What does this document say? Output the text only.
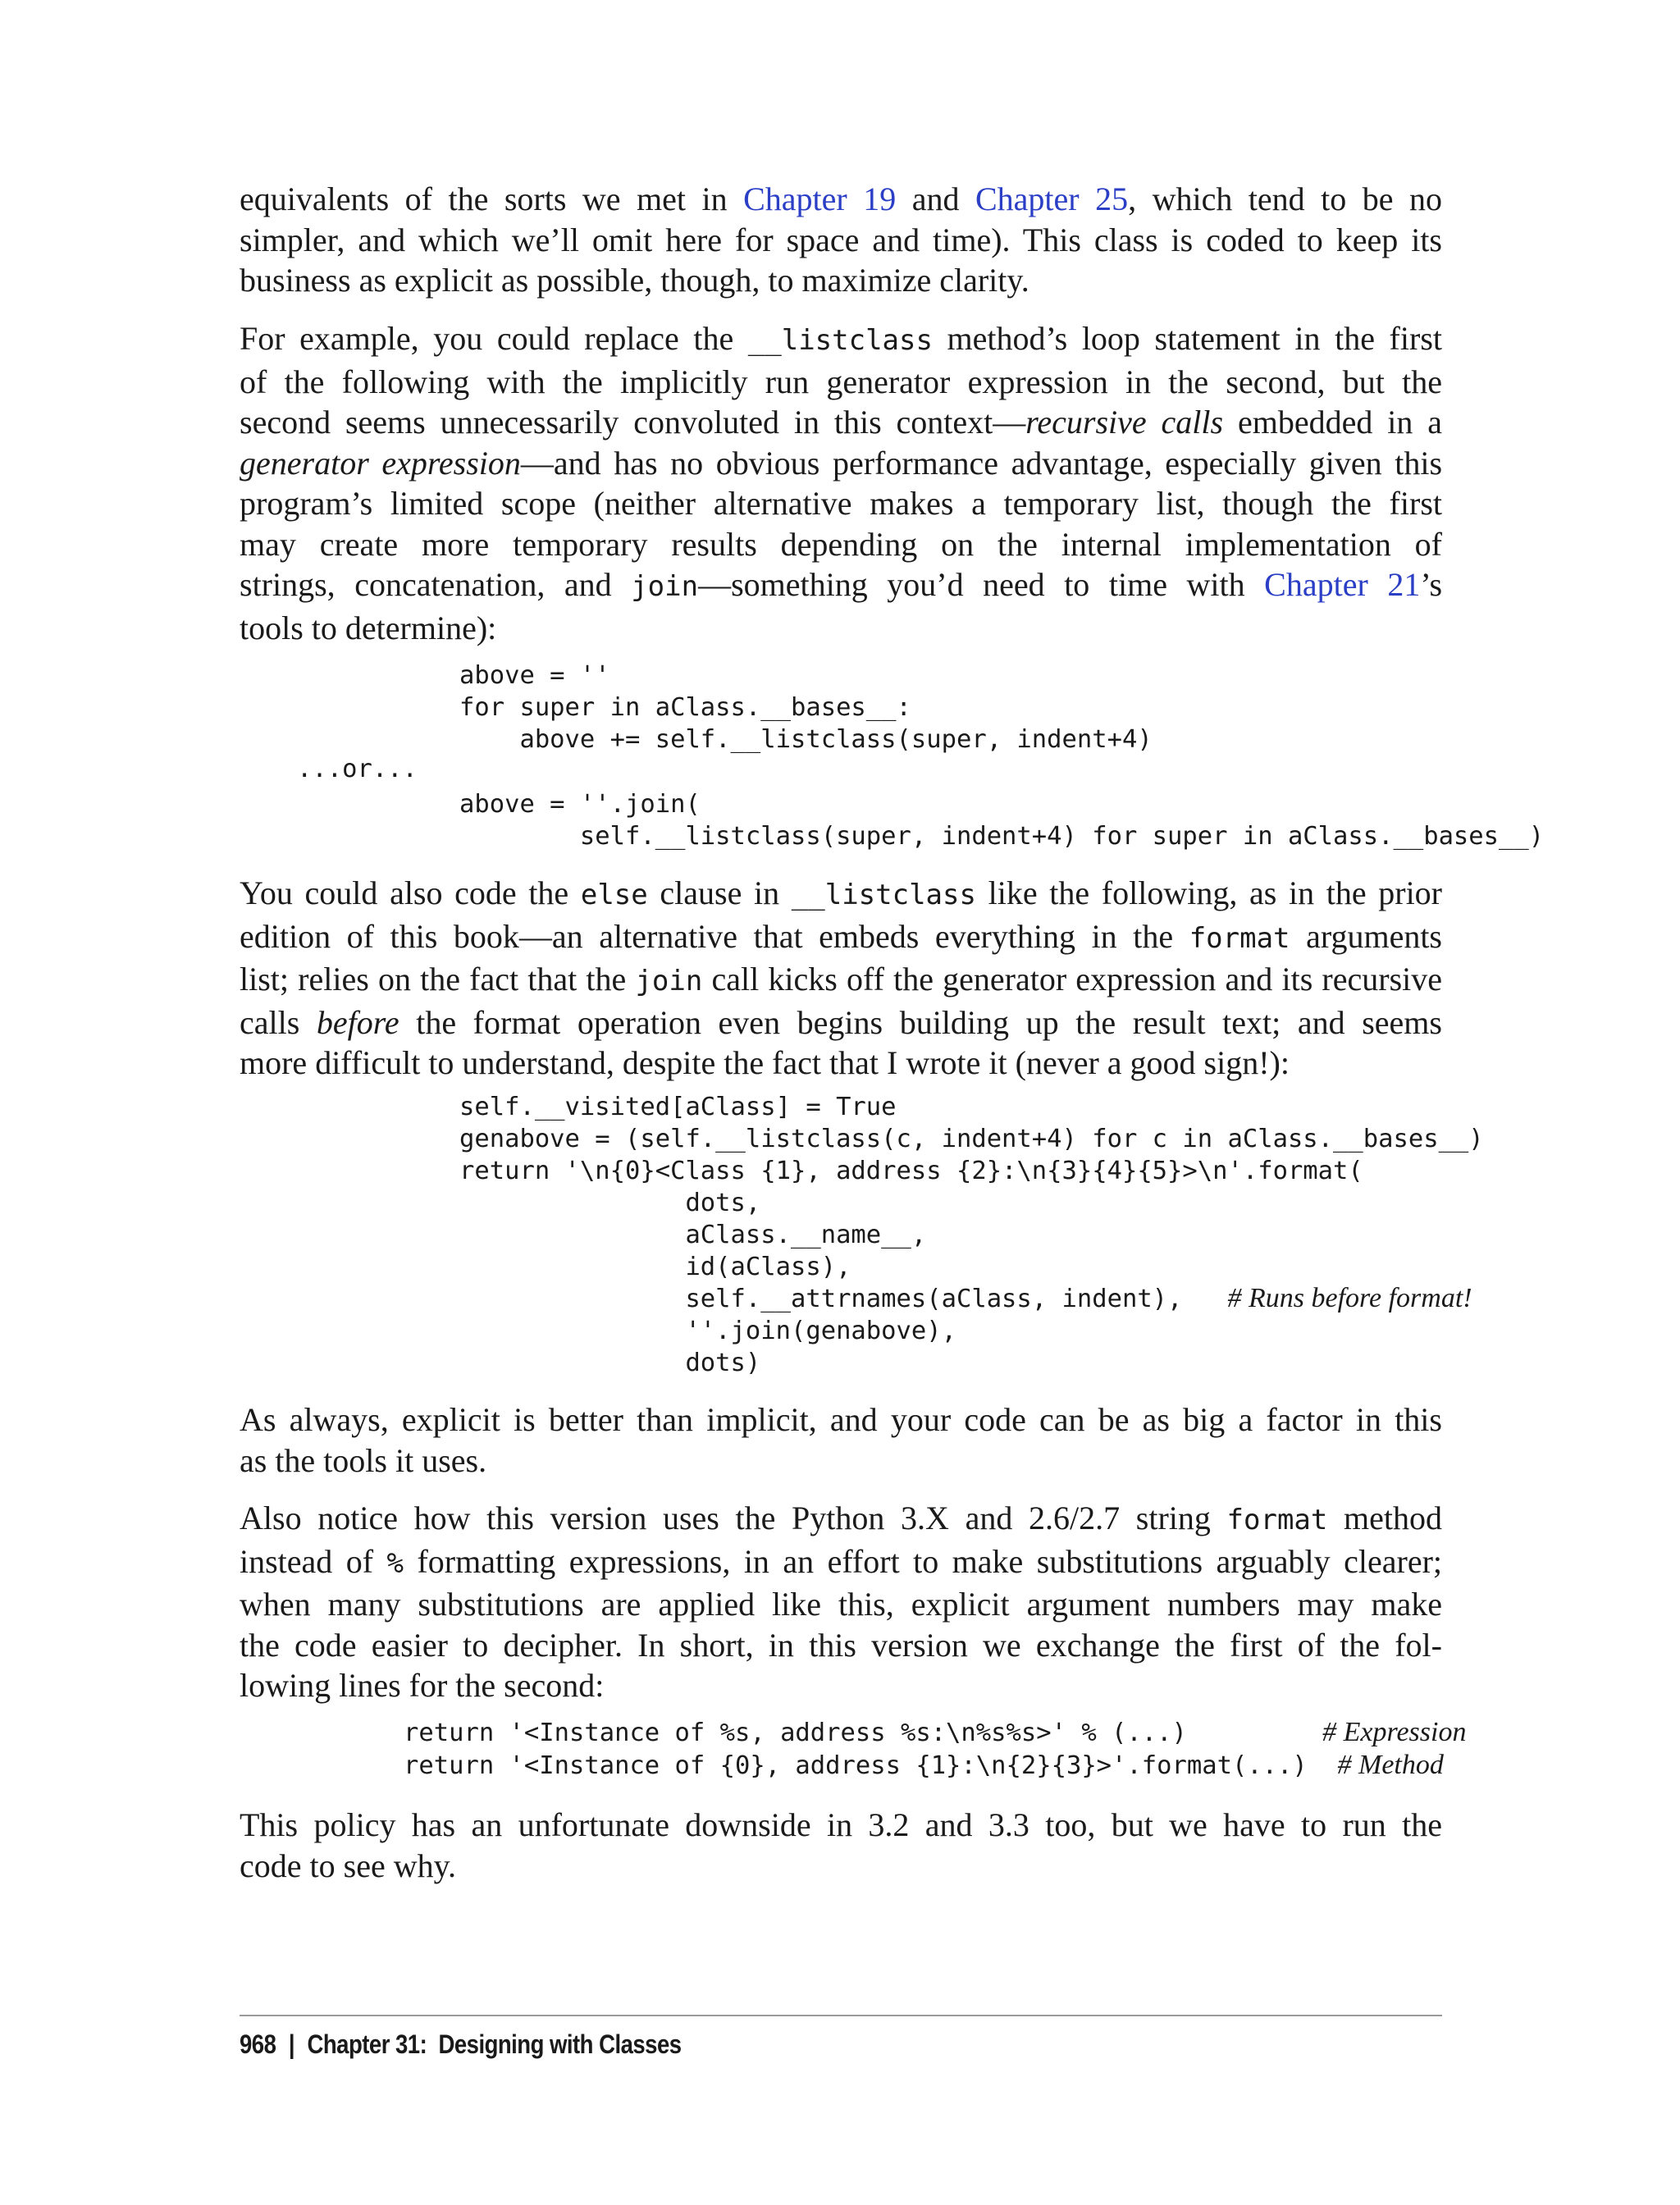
equivalents of the sorts we met in Chapter 19 and Chapter 25, which tend to be no
simpler, and which we’ll omit here for space and time). This class is coded to keep its
business as explicit as possible, though, to maximize clarity.

For example, you could replace the __listclass method’s loop statement in the first
of the following with the implicitly run generator expression in the second, but the
second seems unnecessarily convoluted in this context—recursive calls embedded in a
generator expression—and has no obvious performance advantage, especially given this
program’s limited scope (neither alternative makes a temporary list, though the first
may create more temporary results depending on the internal implementation of
strings, concatenation, and join—something you’d need to time with Chapter 21’s
tools to determine):

You could also code the else clause in __listclass like the following, as in the prior
edition of this book—an alternative that embeds everything in the format arguments
list; relies on the fact that the join call kicks off the generator expression and its recursive
calls before the format operation even begins building up the result text; and seems
more difficult to understand, despite the fact that I wrote it (never a good sign!):

As always, explicit is better than implicit, and your code can be as big a factor in this
as the tools it uses.

Also notice how this version uses the Python 3.X and 2.6/2.7 string format method
instead of % formatting expressions, in an effort to make substitutions arguably clearer;
when many substitutions are applied like this, explicit argument numbers may make
the code easier to decipher. In short, in this version we exchange the first of the fol-
lowing lines for the second:

This policy has an unfortunate downside in 3.2 and 3.3 too, but we have to run the
code to see why.

above = ''
for super in aClass.__bases__:
above += self.__listclass(super, indent+4)
...or...
above = ''.join(
self.__listclass(super, indent+4) for super in aClass.__bases__)
self.__visited[aClass] = True
genabove = (self.__listclass(c, indent+4) for c in aClass.__bases__)
return '\n{0}<Class {1}, address {2}:\n{3}{4}{5}>\n'.format(
dots,
aClass.__name__,
id(aClass),
self.__attrnames(aClass, indent), # Runs before format!
''.join(genabove),
dots)
return '<Instance of %s, address %s:\n%s%s>' % (...)	# Expression
return '<Instance of {0}, address {1}:\n{2}{3}>'.format(...) # Method
968 | Chapter 31:  Designing with Classes
